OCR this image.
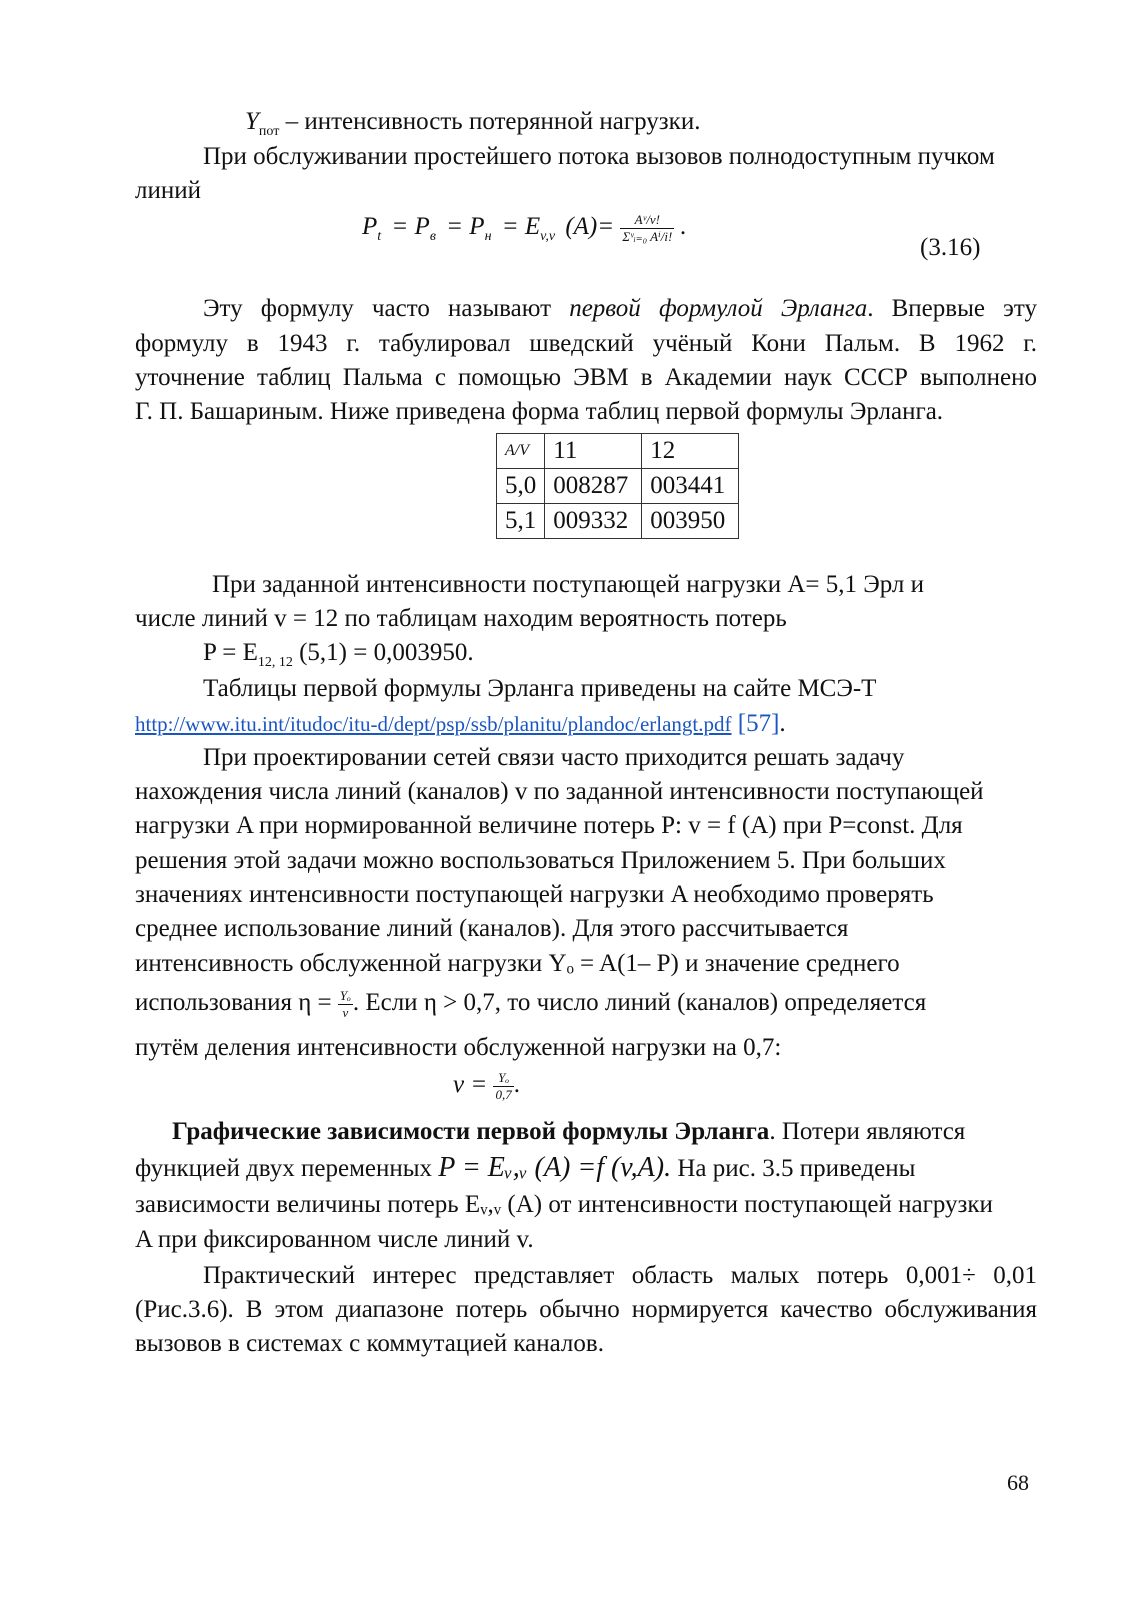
$Y_{пот}$ – интенсивность потерянной нагрузки.
При обслуживании простейшего потока вызовов полнодоступным пучком
линий
$P_t = P_в = P_н = E_{v,v}$ $(A)= \frac{\text{Aᵛ/v!}}{\text{Σᵛᵢ₌₀ Aⁱ/i!}}$ .
(3.16)
Эту формулу часто называют первой формулой Эрланга. Впервые эту
формулу в 1943 г. табулировал шведский учёный Кони Пальм. В 1962 г.
уточнение таблиц Пальма с помощью ЭВМ в Академии наук СССР выполнено
Г. П. Башариным. Ниже приведена форма таблиц первой формулы Эрланга.
A/V	11	12
5,0	008287	003441
5,1	009332	003950
При заданной интенсивности поступающей нагрузки A= 5,1 Эрл и
числе линий v = 12 по таблицам находим вероятность потерь
$P = E_{12, 12}$ (5,1) = 0,003950.
Таблицы первой формулы Эрланга приведены на сайте МСЭ-Т
http://www.itu.int/itudoc/itu-d/dept/psp/ssb/planitu/plandoc/erlangt.pdf [57].
При проектировании сетей связи часто приходится решать задачу
нахождения числа линий (каналов) v по заданной интенсивности поступающей
нагрузки A при нормированной величине потерь P: v = f (A) при P=const. Для
решения этой задачи можно воспользоваться Приложением 5. При больших
значениях интенсивности поступающей нагрузки A необходимо проверять
среднее использование линий (каналов). Для этого рассчитывается
интенсивность обслуженной нагрузки Yₒ = A(1– P) и значение среднего
использования $\eta = \frac{\text{Yₒ}}{v}$ . Если η > 0,7, то число линий (каналов) определяется
путём деления интенсивности обслуженной нагрузки на 0,7:
$v = \frac{\text{Yₒ}}{0,7}$ .
Графические зависимости первой формулы Эрланга. Потери являются
функцией двух переменных P = Eᵥ,ᵥ (A) =f (v,A). На рис. 3.5 приведены
зависимости величины потерь Eᵥ,ᵥ (A) от интенсивности поступающей нагрузки
A при фиксированном числе линий v.
Практический интерес представляет область малых потерь 0,001÷ 0,01
(Рис.3.6). В этом диапазоне потерь обычно нормируется качество обслуживания
вызовов в системах с коммутацией каналов.
68
